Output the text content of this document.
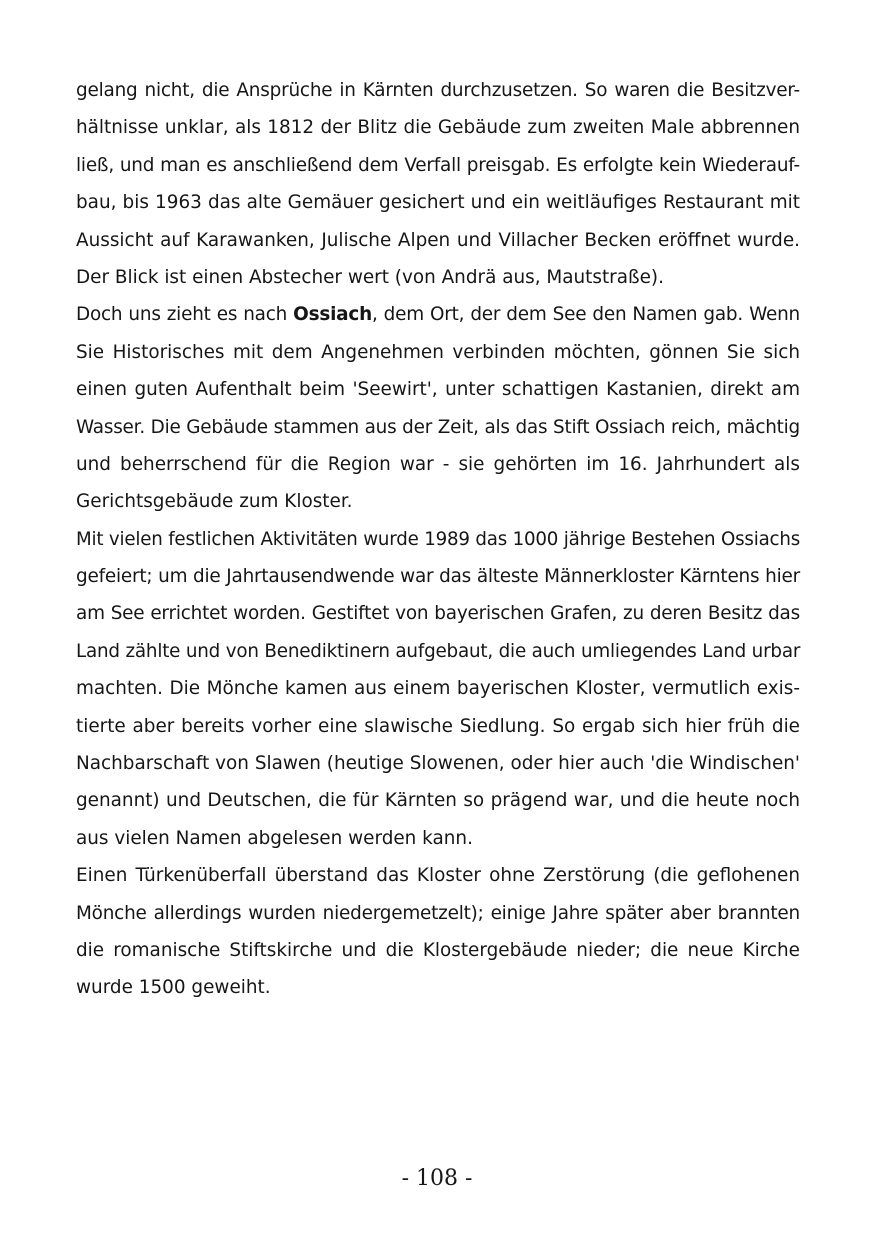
gelang nicht, die Ansprüche in Kärnten durchzusetzen. So waren die Besitzver-
hältnisse unklar, als 1812 der Blitz die Gebäude zum zweiten Male abbrennen
ließ, und man es anschließend dem Verfall preisgab. Es erfolgte kein Wiederauf-
bau, bis 1963 das alte Gemäuer gesichert und ein weitläufiges Restaurant mit
Aussicht auf Karawanken, Julische Alpen und Villacher Becken eröffnet wurde.
Der Blick ist einen Abstecher wert (von Andrä aus, Mautstraße).
Doch uns zieht es nach Ossiach, dem Ort, der dem See den Namen gab. Wenn
Sie Historisches mit dem Angenehmen verbinden möchten, gönnen Sie sich
einen guten Aufenthalt beim 'Seewirt', unter schattigen Kastanien, direkt am
Wasser. Die Gebäude stammen aus der Zeit, als das Stift Ossiach reich, mächtig
und beherrschend für die Region war - sie gehörten im 16. Jahrhundert als
Gerichtsgebäude zum Kloster.
Mit vielen festlichen Aktivitäten wurde 1989 das 1000 jährige Bestehen Ossiachs
gefeiert; um die Jahrtausendwende war das älteste Männerkloster Kärntens hier
am See errichtet worden. Gestiftet von bayerischen Grafen, zu deren Besitz das
Land zählte und von Benediktinern aufgebaut, die auch umliegendes Land urbar
machten. Die Mönche kamen aus einem bayerischen Kloster, vermutlich exis-
tierte aber bereits vorher eine slawische Siedlung. So ergab sich hier früh die
Nachbarschaft von Slawen (heutige Slowenen, oder hier auch 'die Windischen'
genannt) und Deutschen, die für Kärnten so prägend war, und die heute noch
aus vielen Namen abgelesen werden kann.
Einen Türkenüberfall überstand das Kloster ohne Zerstörung (die geflohenen
Mönche allerdings wurden niedergemetzelt); einige Jahre später aber brannten
die romanische Stiftskirche und die Klostergebäude nieder; die neue Kirche
wurde 1500 geweiht.
- 108 -
